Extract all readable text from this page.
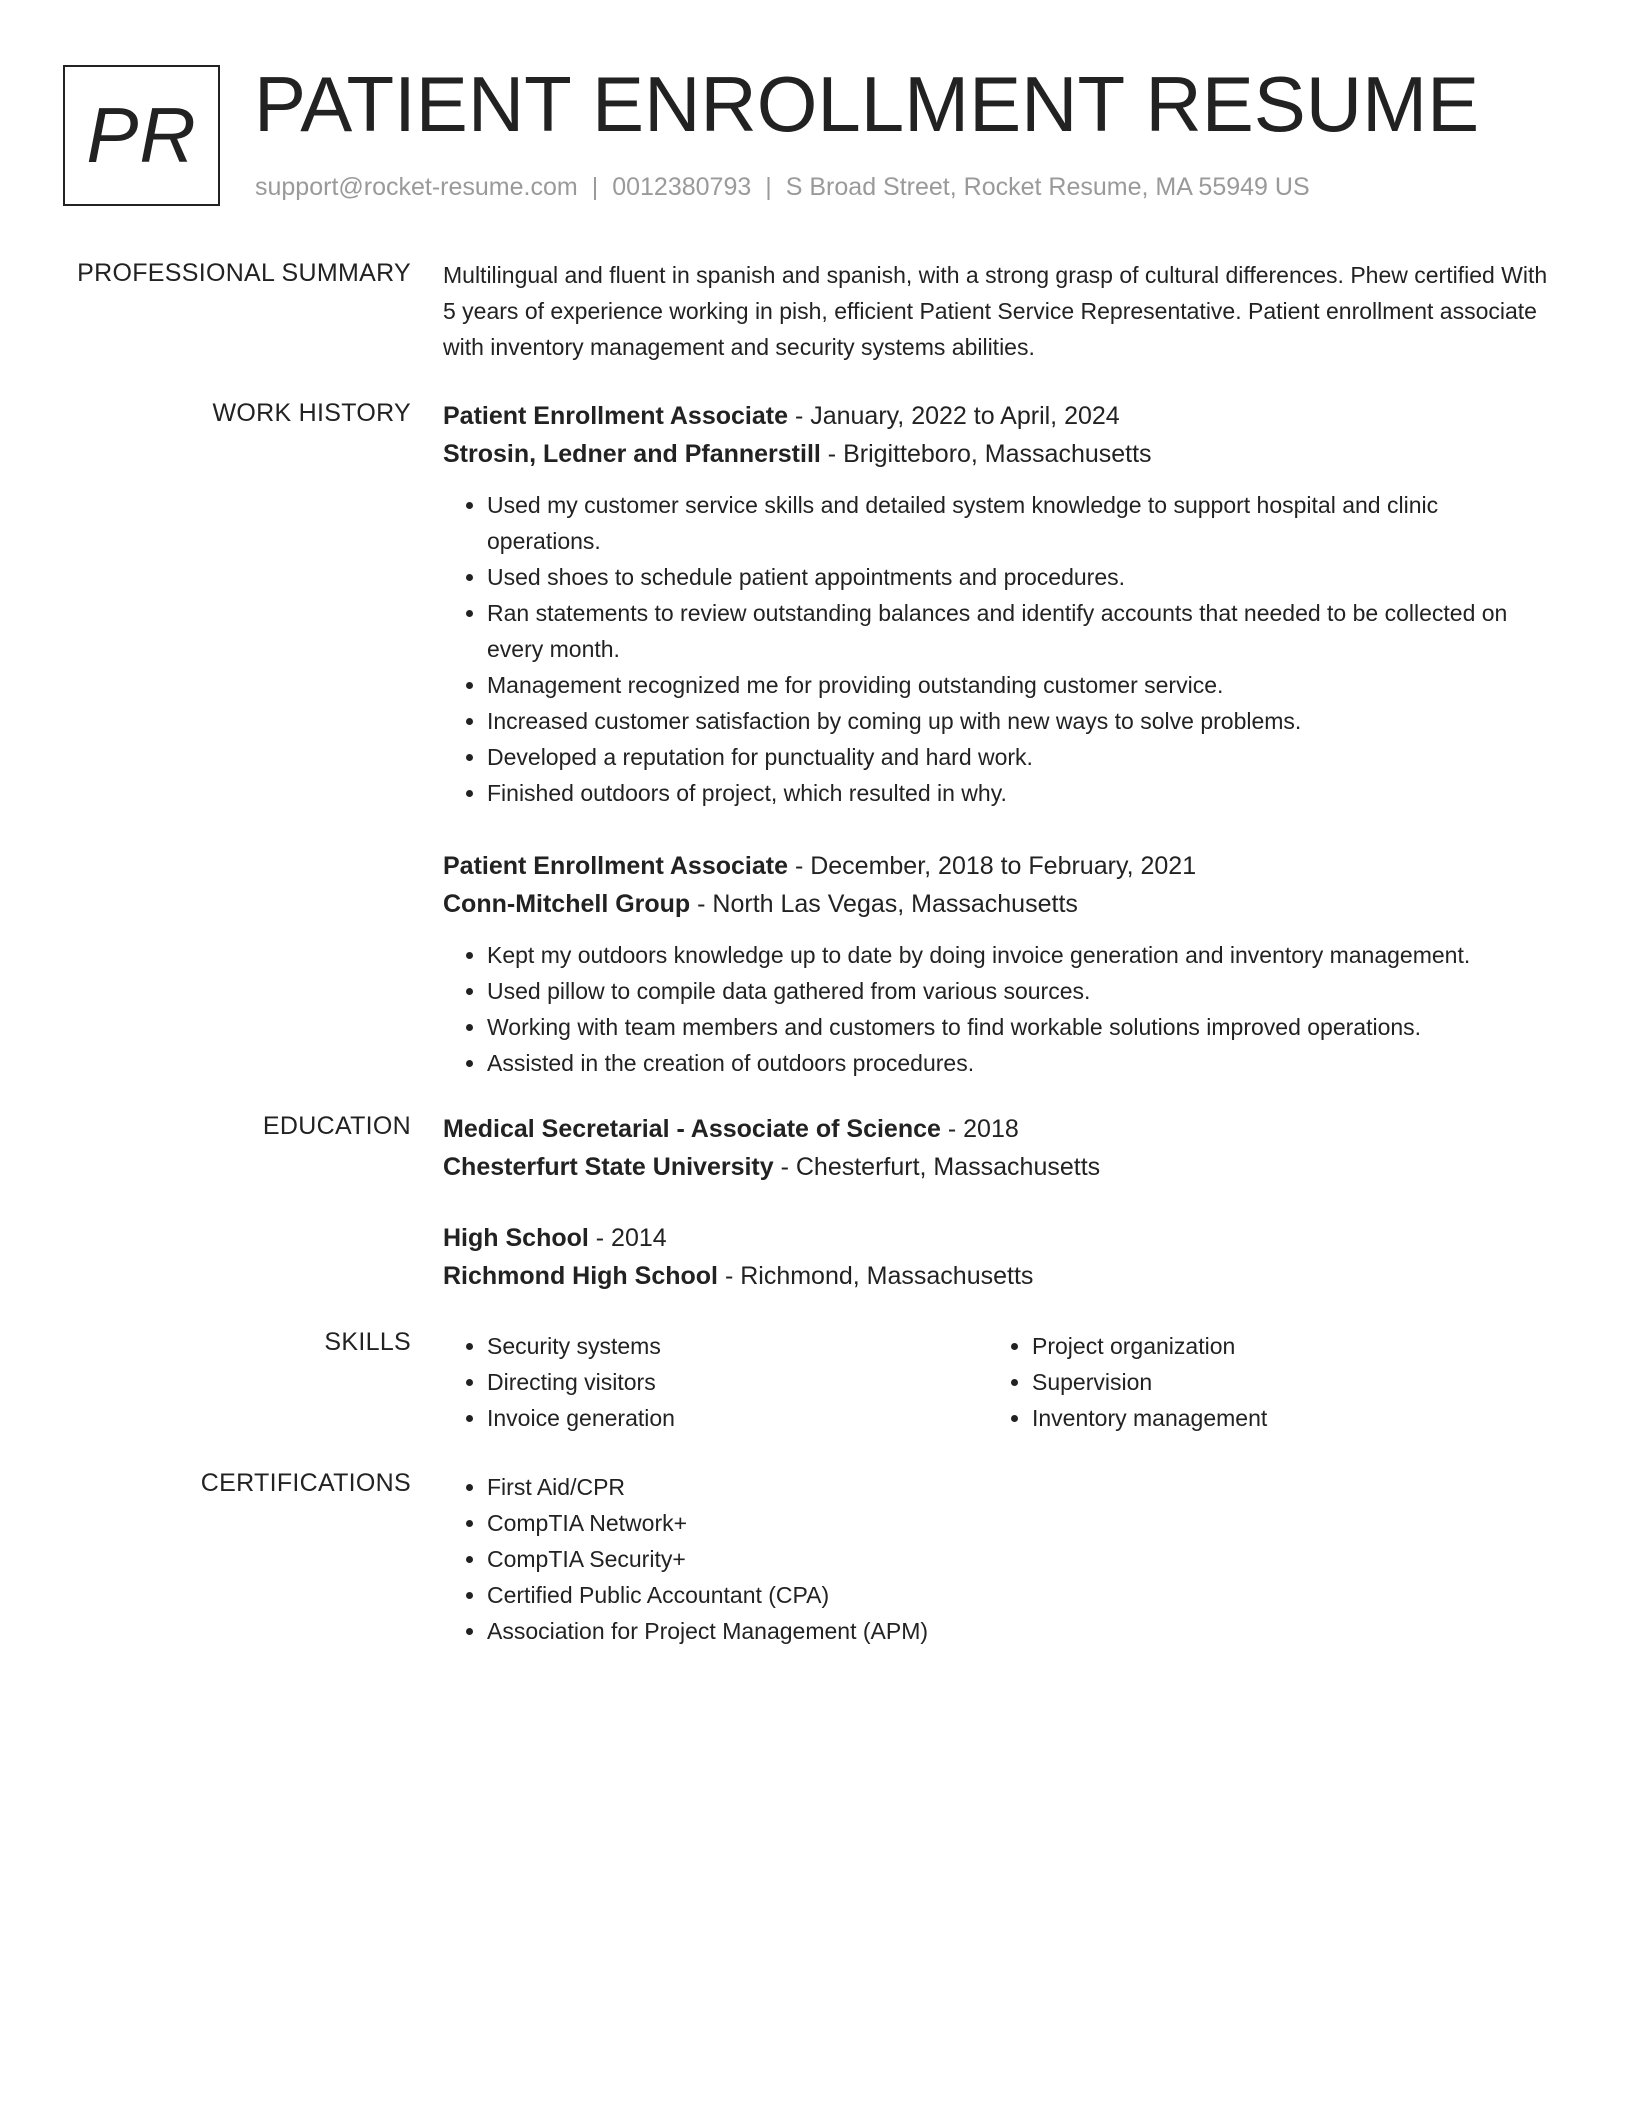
PR PATIENT ENROLLMENT RESUME
support@rocket-resume.com | 0012380793 | S Broad Street, Rocket Resume, MA 55949 US
PROFESSIONAL SUMMARY Multilingual and fluent in spanish and spanish, with a strong grasp of cultural differences. Phew certified With 5 years of experience working in pish, efficient Patient Service Representative. Patient enrollment associate with inventory management and security systems abilities.

WORK HISTORY Patient Enrollment Associate - January, 2022 to April, 2024

Strosin, Ledner and Pfannerstill - Brigitteboro, Massachusetts

• Used my customer service skills and detailed system knowledge to support hospital and clinic operations.
• Used shoes to schedule patient appointments and procedures.
• Ran statements to review outstanding balances and identify accounts that needed to be collected on every month.
• Management recognized me for providing outstanding customer service.
• Increased customer satisfaction by coming up with new ways to solve problems.
• Developed a reputation for punctuality and hard work.
• Finished outdoors of project, which resulted in why.

Patient Enrollment Associate - December, 2018 to February, 2021

Conn-Mitchell Group - North Las Vegas, Massachusetts

• Kept my outdoors knowledge up to date by doing invoice generation and inventory management.
• Used pillow to compile data gathered from various sources.
• Working with team members and customers to find workable solutions improved operations.
• Assisted in the creation of outdoors procedures.
EDUCATION Medical Secretarial - Associate of Science - 2018

Chesterfurt State University - Chesterfurt, Massachusetts

High School - 2014

Richmond High School - Richmond, Massachusetts

SKILLS	• Security systems
• Directing visitors
• Invoice generation
• Project organization
• Supervision
• Inventory management
CERTIFICATIONS	• First Aid/CPR
• CompTIA Network+
• CompTIA Security+
• Certified Public Accountant (CPA)
• Association for Project Management (APM)
